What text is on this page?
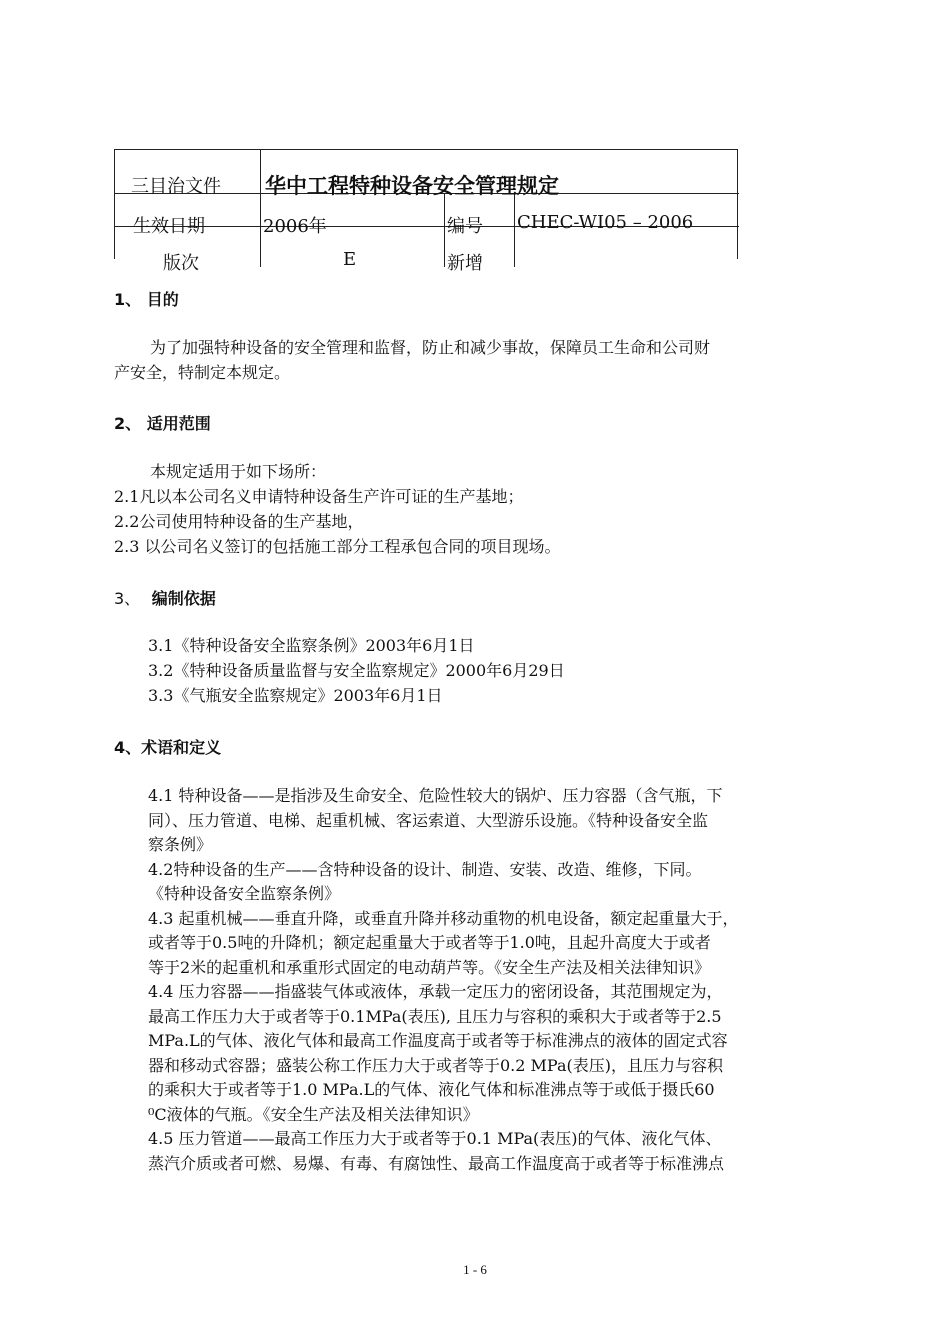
三目治文件 华中工程特种设备安全管理规定
生效日期	2006年	编号 CHEC-WI05 – 2006
版次	E	新增
1、 目的
为了加强特种设备的安全管理和监督，防止和减少事故，保障员工生命和公司财
产安全，特制定本规定。
2、 适用范围
本规定适用于如下场所：
2.1凡以本公司名义申请特种设备生产许可证的生产基地；
2.2公司使用特种设备的生产基地，
2.3 以公司名义签订的包括施工部分工程承包合同的项目现场。
3、 编制依据
3.1《特种设备安全监察条例》2003年6月1日
3.2《特种设备质量监督与安全监察规定》2000年6月29日
3.3《气瓶安全监察规定》2003年6月1日
4、术语和定义
4.1 特种设备——是指涉及生命安全、危险性较大的锅炉、压力容器（含气瓶，下
同）、压力管道、电梯、起重机械、客运索道、大型游乐设施。《特种设备安全监
察条例》
4.2特种设备的生产——含特种设备的设计、制造、安装、改造、维修，下同。
《特种设备安全监察条例》
4.3 起重机械——垂直升降，或垂直升降并移动重物的机电设备，额定起重量大于，
或者等于0.5吨的升降机；额定起重量大于或者等于1.0吨，且起升高度大于或者
等于2米的起重机和承重形式固定的电动葫芦等。《安全生产法及相关法律知识》
4.4 压力容器——指盛装气体或液体，承载一定压力的密闭设备，其范围规定为，
最高工作压力大于或者等于0.1MPa(表压), 且压力与容积的乘积大于或者等于2.5
MPa.L的气体、液化气体和最高工作温度高于或者等于标准沸点的液体的固定式容
器和移动式容器；盛装公称工作压力大于或者等于0.2 MPa(表压)，且压力与容积
的乘积大于或者等于1.0 MPa.L的气体、液化气体和标准沸点等于或低于摄氏60
⁰C液体的气瓶。《安全生产法及相关法律知识》
4.5 压力管道——最高工作压力大于或者等于0.1 MPa(表压)的气体、液化气体、
蒸汽介质或者可燃、易爆、有毒、有腐蚀性、最高工作温度高于或者等于标准沸点
1 - 6
